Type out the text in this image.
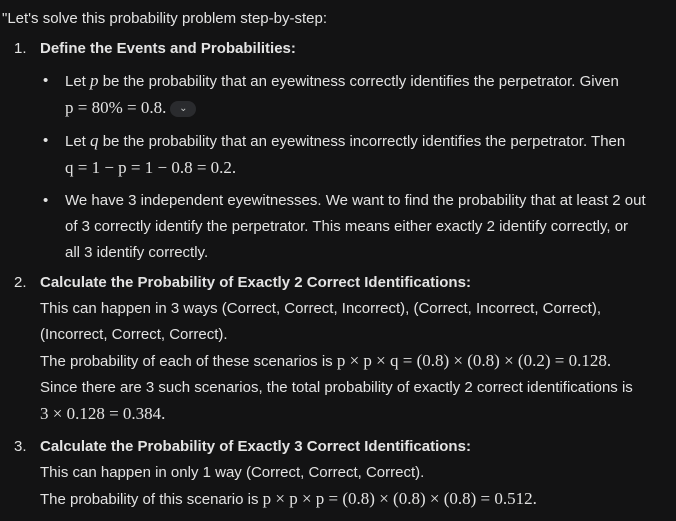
"Let's solve this probability problem step-by-step:
1. Define the Events and Probabilities:
• Let p be the probability that an eyewitness correctly identifies the perpetrator. Given
p = 80% = 0.8. ⌄
• Let q be the probability that an eyewitness incorrectly identifies the perpetrator. Then
q = 1 − p = 1 − 0.8 = 0.2.
• We have 3 independent eyewitnesses. We want to find the probability that at least 2 out
of 3 correctly identify the perpetrator. This means either exactly 2 identify correctly, or
all 3 identify correctly.
2. Calculate the Probability of Exactly 2 Correct Identifications:
This can happen in 3 ways (Correct, Correct, Incorrect), (Correct, Incorrect, Correct),
(Incorrect, Correct, Correct).
The probability of each of these scenarios is p × p × q = (0.8) × (0.8) × (0.2) = 0.128.
Since there are 3 such scenarios, the total probability of exactly 2 correct identifications is
3 × 0.128 = 0.384.
3. Calculate the Probability of Exactly 3 Correct Identifications:
This can happen in only 1 way (Correct, Correct, Correct).
The probability of this scenario is p × p × p = (0.8) × (0.8) × (0.8) = 0.512.
